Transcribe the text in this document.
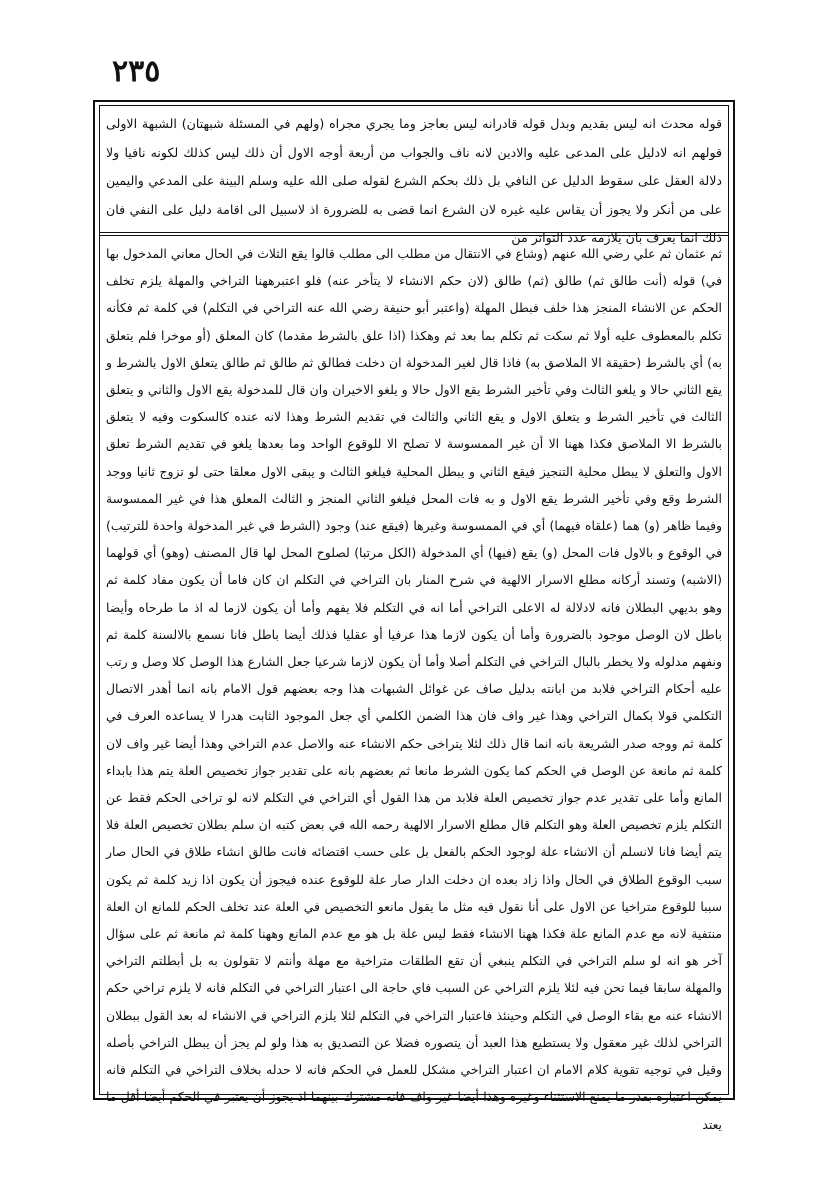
٢٣٥

قوله محدث انه ليس بقديم وبدل قوله قادرانه ليس بعاجز وما يجري مجراه (ولهم في المسئلة شبهتان) الشبهة الاولى قولهم انه لادليل على المدعى عليه والادين لانه ناف والجواب من أربعة أوجه الاول أن ذلك ليس كذلك لكونه نافيا ولا دلالة العقل على سقوط الدليل عن النافي بل ذلك بحكم الشرع لقوله صلى الله عليه وسلم البينة على المدعي واليمين على من أنكر ولا يجوز أن يقاس عليه غيره لان الشرع انما قضى به للضرورة اذ لاسبيل الى اقامة دليل على النفي فان ذلك انما يعرف بان يلازمه عدد التواتر من

ثم عثمان ثم علي رضي الله عنهم (وشاع في الانتقال من مطلب الى مطلب قالوا يقع الثلاث في الحال معاني المدخول بها في) قوله (أنت طالق ثم) طالق (ثم) طالق (لان حكم الانشاء لا يتأخر عنه) فلو اعتبرههنا التراخي والمهلة يلزم تخلف الحكم عن الانشاء المنجز هذا خلف فبطل المهلة (واعتبر أبو حنيفة رضي الله عنه التراخي في التكلم) في كلمة ثم فكأنه تكلم بالمعطوف عليه أولا ثم سكت ثم تكلم بما بعد ثم وهكذا (اذا علق بالشرط مقدما) كان المعلق (أو موخرا فلم يتعلق به) أي بالشرط (حقيقة الا الملاصق به) فاذا قال لغير المدخولة ان دخلت فطالق ثم طالق ثم طالق يتعلق الاول بالشرط و يقع الثاني حالا و يلغو الثالث وفي تأخير الشرط يقع الاول حالا و يلغو الاخيران وان قال للمدخولة يقع الاول والثاني و يتعلق الثالث في تأخير الشرط و يتعلق الاول و يقع الثاني والثالث في تقديم الشرط وهذا لانه عنده كالسكوت وفيه لا يتعلق بالشرط الا الملاصق فكذا ههنا الا أن غير الممسوسة لا تصلح الا للوقوع الواحد وما بعدها يلغو في تقديم الشرط تعلق الاول والتعلق لا يبطل محلية التنجيز فيقع الثاني و يبطل المحلية فيلغو الثالث و يبقى الاول معلقا حتى لو تزوج ثانيا ووجد الشرط وقع وفي تأخير الشرط يقع الاول و به فات المحل فيلغو الثاني المنجز و الثالث المعلق هذا في غير الممسوسة وفيما ظاهر (و) هما (علقاه فيهما) أي في الممسوسة وغيرها (فيقع عند) وجود (الشرط في غير المدخولة واحدة للترتيب) في الوقوع و بالاول فات المحل (و) يقع (فيها) أي المدخولة (الكل مرتبا) لصلوح المحل لها قال المصنف (وهو) أي قولهما (الاشبه) وتسند أركانه مطلع الاسرار الالهية في شرح المنار بان التراخي في التكلم ان كان فاما أن يكون مفاد كلمة ثم وهو بديهي البطلان فانه لادلالة له الاعلى التراخي أما انه في التكلم فلا يفهم وأما أن يكون لازما له اذ ما طرحاه وأيضا باطل لان الوصل موجود بالضرورة وأما أن يكون لازما هذا عرفيا أو عقليا فذلك أيضا باطل فانا نسمع بالالسنة كلمة ثم ونفهم مدلوله ولا يخطر بالبال التراخي في التكلم أصلا وأما أن يكون لازما شرعيا جعل الشارع هذا الوصل كلا وصل و رتب عليه أحكام التراخي فلابد من ابانته بدليل صاف عن غوائل الشبهات هذا وجه بعضهم قول الامام بانه انما أهدر الاتصال التكلمي قولا بكمال التراخي وهذا غير واف فان هذا الضمن الكلمي أي جعل الموجود الثابت هدرا لا يساعده العرف في كلمة ثم ووجه صدر الشريعة بانه انما قال ذلك لئلا يتراخى حكم الانشاء عنه والاصل عدم التراخي وهذا أيضا غير واف لان كلمة ثم مانعة عن الوصل في الحكم كما يكون الشرط مانعا ثم بعضهم بانه على تقدير جواز تخصيص العلة يتم هذا بابداء المانع وأما على تقدير عدم جواز تخصيص العلة فلابد من هذا القول أي التراخي في التكلم لانه لو تراخى الحكم فقط عن التكلم يلزم تخصيص العلة وهو التكلم قال مطلع الاسرار الالهية رحمه الله في بعض كتبه ان سلم بطلان تخصيص العلة فلا يتم أيضا فانا لانسلم أن الانشاء علة لوجود الحكم بالفعل بل على حسب اقتضائه فانت طالق انشاء طلاق في الحال صار سبب الوقوع الطلاق في الحال واذا زاد بعده ان دخلت الدار صار علة للوقوع عنده فيجوز أن يكون اذا زيد كلمة ثم يكون سببا للوقوع متراخيا عن الاول على أنا نقول فيه مثل ما يقول مانعو التخصيص في العلة عند تخلف الحكم للمانع ان العلة منتفية لانه مع عدم المانع علة فكذا ههنا الانشاء فقط ليس علة بل هو مع عدم المانع وههنا كلمة ثم مانعة ثم على سؤال آخر هو انه لو سلم التراخي في التكلم ينبغي أن تقع الطلقات متراخية مع مهلة وأنتم لا تقولون به بل أبطلتم التراخي والمهلة سابقا فيما تحن فيه لئلا يلزم التراخي عن السبب فاي حاجة الى اعتبار التراخي في التكلم فانه لا يلزم تراخي حكم الانشاء عنه مع بقاء الوصل في التكلم وحينئذ فاعتبار التراخي في التكلم لئلا يلزم التراخي في الانشاء له بعد القول ببطلان التراخي لذلك غير معقول ولا يستطيع هذا العبد أن يتصوره فضلا عن التصديق به هذا ولو لم يجز أن يبطل التراخي بأصله وقيل في توجيه تقوية كلام الامام ان اعتبار التراخي مشكل للعمل في الحكم فانه لا حدله بخلاف التراخي في التكلم فانه يمكن اعتباره بقدر ما يمنع الاستثناء وغيره وهذا أيضا غير واف فانه مشترك بينهما اذ يجوز أن يعتبر في الحكم أيضا أقل ما يعتد
